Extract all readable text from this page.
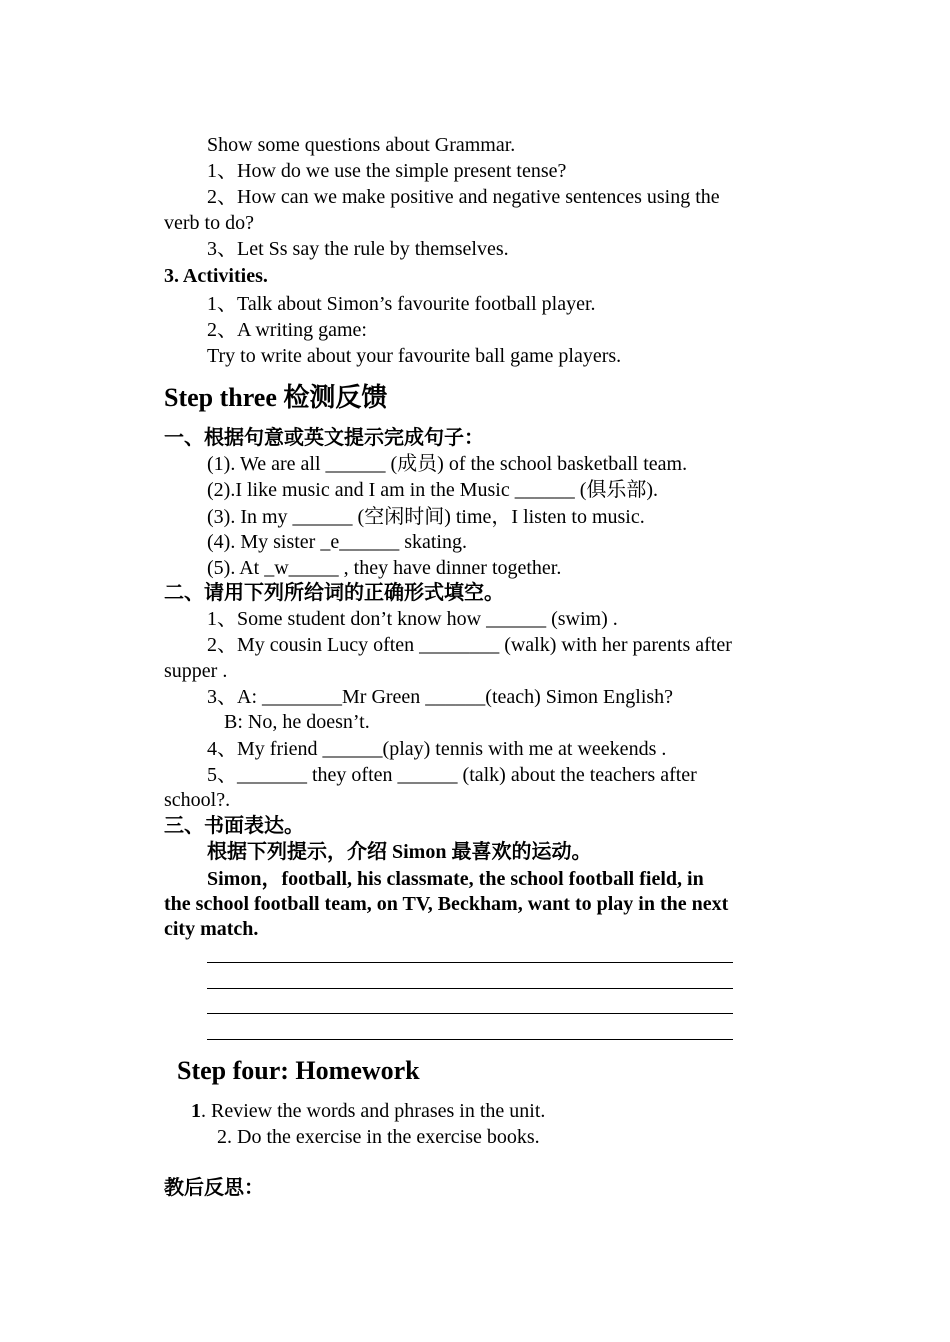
Show some questions about Grammar.
1、How do we use the simple present tense?
2、How can we make positive and negative sentences using the
verb to do?
3、Let Ss say the rule by themselves.
3. Activities.
1、Talk about Simon’s favourite football player.
2、A writing game:
Try to write about your favourite ball game players.
Step three 检测反馈
一、根据句意或英文提示完成句子：
(1). We are all ______ (成员) of the school basketball team.
(2).I like music and I am in the Music ______ (俱乐部).
(3). In my ______ (空闲时间) time，I listen to music.
(4). My sister _e______ skating.
(5). At _w_____ , they have dinner together.
二、请用下列所给词的正确形式填空。
1、Some student don’t know how ______ (swim) .
2、My cousin Lucy often ________ (walk) with her parents after
supper .
3、A: ________Mr Green ______(teach) Simon English?
B: No, he doesn’t.
4、My friend ______(play) tennis with me at weekends .
5、_______ they often ______ (talk) about the teachers after
school?.
三、书面表达。
根据下列提示，介绍 Simon 最喜欢的运动。
Simon，football, his classmate, the school football field, in
the school football team, on TV, Beckham, want to play in the next
city match.
Step four: Homework
1. Review the words and phrases in the unit.
2. Do the exercise in the exercise books.
教后反思：
